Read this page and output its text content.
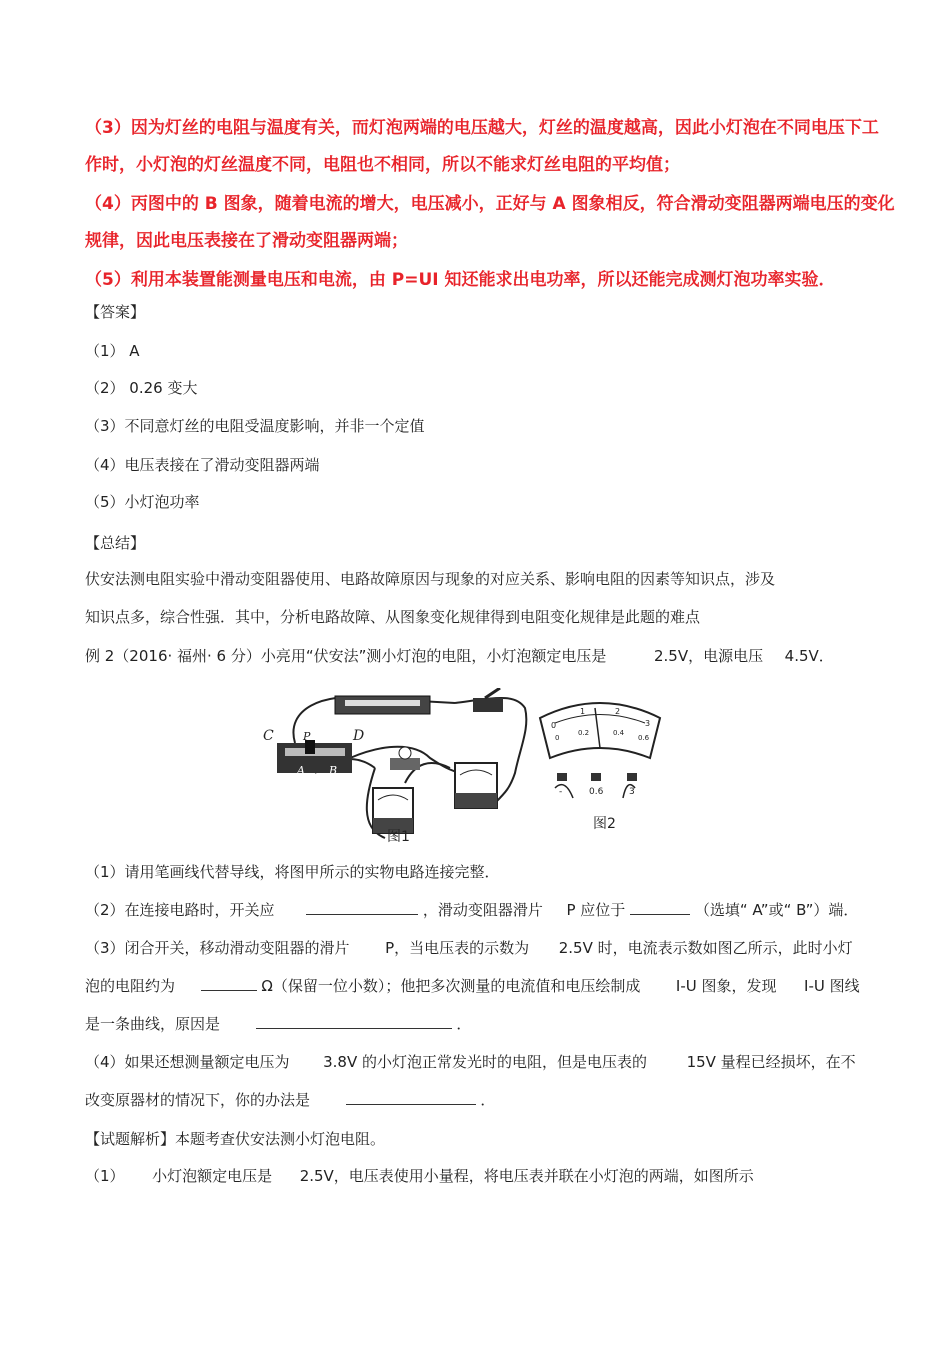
（3）因为灯丝的电阻与温度有关，而灯泡两端的电压越大，灯丝的温度越高，因此小灯泡在不同电压下工
作时，小灯泡的灯丝温度不同，电阻也不相同，所以不能求灯丝电阻的平均值；
（4）丙图中的 B 图象，随着电流的增大，电压减小，正好与 A 图象相反，符合滑动变阻器两端电压的变化
规律，因此电压表接在了滑动变阻器两端；
（5）利用本装置能测量电压和电流，由 P=UI 知还能求出电功率，所以还能完成测灯泡功率实验．
【答案】
（1） A
（2） 0.26 变大
（3）不同意灯丝的电阻受温度影响，并非一个定值
（4）电压表接在了滑动变阻器两端
（5）小灯泡功率
【总结】
伏安法测电阻实验中滑动变阻器使用、电路故障原因与现象的对应关系、影响电阻的因素等知识点，涉及
知识点多，综合性强．其中，分析电路故障、从图象变化规律得到电阻变化规律是此题的难点
例 2（2016· 福州· 6 分）小亮用“伏安法”测小灯泡的电阻，小灯泡额定电压是	2.5V，电源电压 4.5V．
C	P	D
A B
图1
0
1	2
3
0
0.2	0.4
0.6
-	0.6	3
图2
（1）请用笔画线代替导线，将图甲所示的实物电路连接完整．
（2）在连接电路时，开关应	，滑动变阻器滑片 P 应位于	（选填“ A”或“ B”）端．
（3）闭合开关，移动滑动变阻器的滑片 P，当电压表的示数为 2.5V 时，电流表示数如图乙所示，此时小灯
泡的电阻约为	Ω（保留一位小数）；他把多次测量的电流值和电压绘制成 I-U 图象，发现 I-U 图线
是一条曲线，原因是	．
（4）如果还想测量额定电压为 3.8V 的小灯泡正常发光时的电阻，但是电压表的	15V 量程已经损坏，在不
改变原器材的情况下，你的办法是	．
【试题解析】本题考查伏安法测小灯泡电阻。
（1） 小灯泡额定电压是 2.5V，电压表使用小量程，将电压表并联在小灯泡的两端，如图所示
